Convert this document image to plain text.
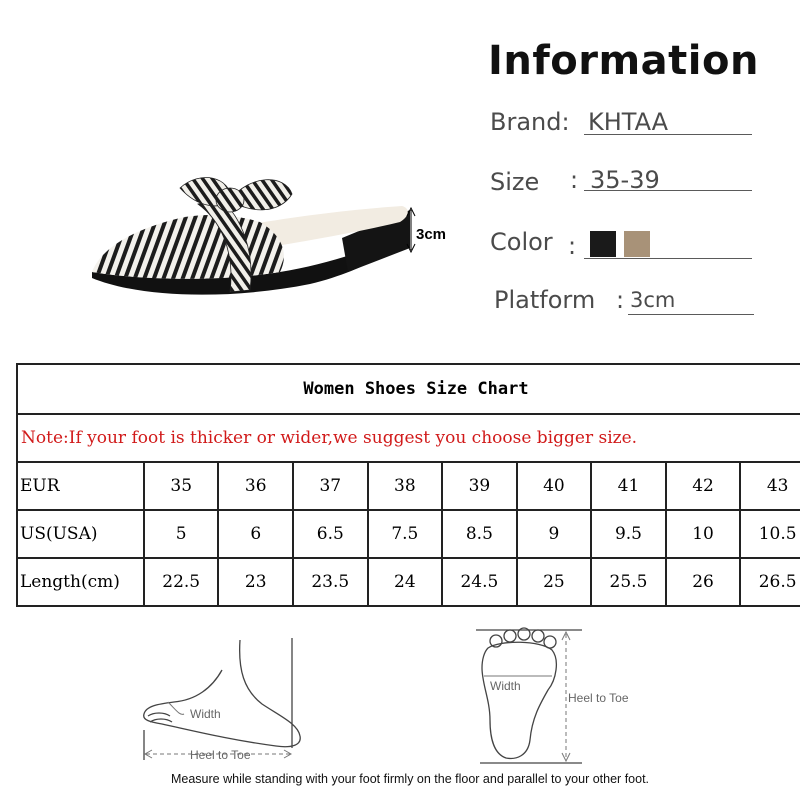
3cm
Information
Brand: KHTAA
Size : 35-39
Color :
Platform : 3cm
Women Shoes Size Chart									
Note:If your foot is thicker or wider,we suggest you choose bigger size.									
EUR	35	36	37	38	39	40	41	42	43
US(USA)	5	6	6.5	7.5	8.5	9	9.5	10	10.5
Length(cm)	22.5	23	23.5	24	24.5	25	25.5	26	26.5
Width
Heel to Toe
Width
Heel to Toe
Measure while standing with your foot firmly on the floor and parallel to your other foot.
